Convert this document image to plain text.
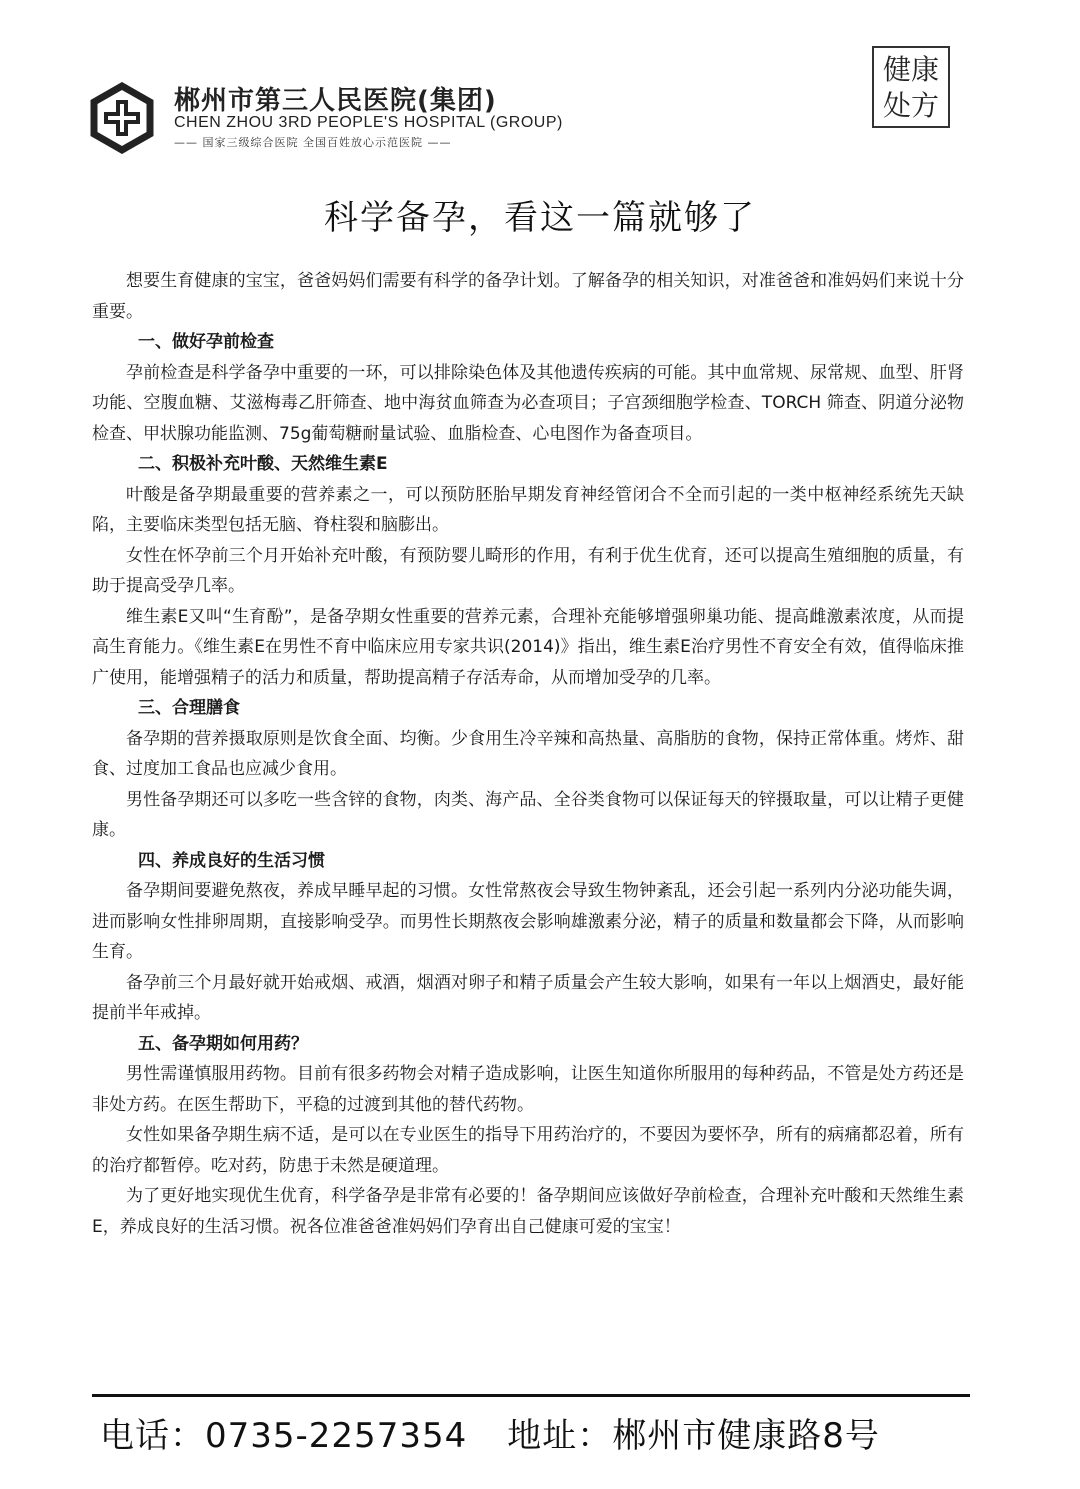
郴州市第三人民医院(集团)
CHEN ZHOU 3RD PEOPLE'S HOSPITAL (GROUP)
—— 国家三级综合医院 全国百姓放心示范医院 ——
健康
处方
科学备孕，看这一篇就够了

想要生育健康的宝宝，爸爸妈妈们需要有科学的备孕计划。了解备孕的相关知识，对准爸爸和准妈妈们来说十分重要。

一、做好孕前检查

孕前检查是科学备孕中重要的一环，可以排除染色体及其他遗传疾病的可能。其中血常规、尿常规、血型、肝肾功能、空腹血糖、艾滋梅毒乙肝筛查、地中海贫血筛查为必查项目；子宫颈细胞学检查、TORCH 筛查、阴道分泌物检查、甲状腺功能监测、75g葡萄糖耐量试验、血脂检查、心电图作为备查项目。

二、积极补充叶酸、天然维生素E

叶酸是备孕期最重要的营养素之一，可以预防胚胎早期发育神经管闭合不全而引起的一类中枢神经系统先天缺陷，主要临床类型包括无脑、脊柱裂和脑膨出。

女性在怀孕前三个月开始补充叶酸，有预防婴儿畸形的作用，有利于优生优育，还可以提高生殖细胞的质量，有助于提高受孕几率。

维生素E又叫“生育酚”，是备孕期女性重要的营养元素，合理补充能够增强卵巢功能、提高雌激素浓度，从而提高生育能力。《维生素E在男性不育中临床应用专家共识(2014)》指出，维生素E治疗男性不育安全有效，值得临床推广使用，能增强精子的活力和质量，帮助提高精子存活寿命，从而增加受孕的几率。

三、合理膳食

备孕期的营养摄取原则是饮食全面、均衡。少食用生冷辛辣和高热量、高脂肪的食物，保持正常体重。烤炸、甜食、过度加工食品也应减少食用。

男性备孕期还可以多吃一些含锌的食物，肉类、海产品、全谷类食物可以保证每天的锌摄取量，可以让精子更健康。

四、养成良好的生活习惯

备孕期间要避免熬夜，养成早睡早起的习惯。女性常熬夜会导致生物钟紊乱，还会引起一系列内分泌功能失调，进而影响女性排卵周期，直接影响受孕。而男性长期熬夜会影响雄激素分泌，精子的质量和数量都会下降，从而影响生育。

备孕前三个月最好就开始戒烟、戒酒，烟酒对卵子和精子质量会产生较大影响，如果有一年以上烟酒史，最好能提前半年戒掉。

五、备孕期如何用药？

男性需谨慎服用药物。目前有很多药物会对精子造成影响，让医生知道你所服用的每种药品，不管是处方药还是非处方药。在医生帮助下，平稳的过渡到其他的替代药物。

女性如果备孕期生病不适，是可以在专业医生的指导下用药治疗的，不要因为要怀孕，所有的病痛都忍着，所有的治疗都暂停。吃对药，防患于未然是硬道理。

为了更好地实现优生优育，科学备孕是非常有必要的！备孕期间应该做好孕前检查，合理补充叶酸和天然维生素E，养成良好的生活习惯。祝各位准爸爸准妈妈们孕育出自己健康可爱的宝宝！

电话：0735-2257354 地址：郴州市健康路8号
